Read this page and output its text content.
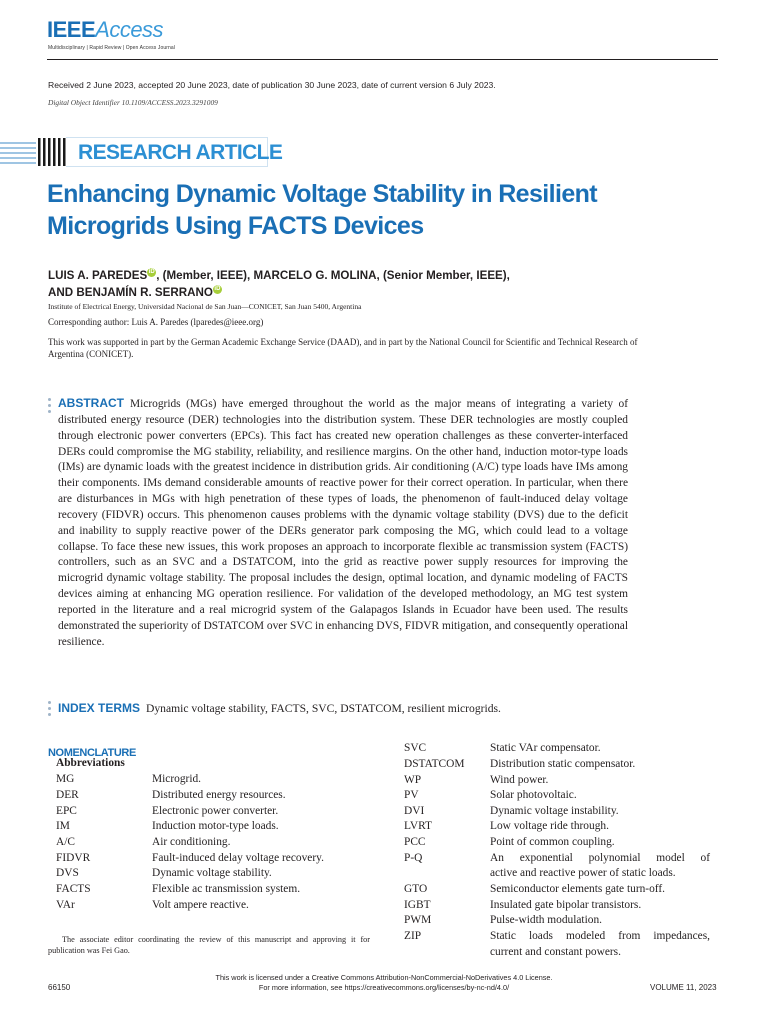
IEEEAccess
Multidisciplinary | Rapid Review | Open Access Journal
Received 2 June 2023, accepted 20 June 2023, date of publication 30 June 2023, date of current version 6 July 2023.
Digital Object Identifier 10.1109/ACCESS.2023.3291009
RESEARCH ARTICLE
Enhancing Dynamic Voltage Stability in Resilient Microgrids Using FACTS Devices
LUIS A. PAREDES iD , (Member, IEEE), MARCELO G. MOLINA, (Senior Member, IEEE),
AND BENJAMÍN R. SERRANO iD
Institute of Electrical Energy, Universidad Nacional de San Juan—CONICET, San Juan 5400, Argentina
Corresponding author: Luis A. Paredes (lparedes@ieee.org)
This work was supported in part by the German Academic Exchange Service (DAAD), and in part by the National Council for Scientific and Technical Research of Argentina (CONICET).
ABSTRACT Microgrids (MGs) have emerged throughout the world as the major means of integrating a variety of distributed energy resource (DER) technologies into the distribution system. These DER technologies are mostly coupled through electronic power converters (EPCs). This fact has created new operation challenges as these converter-interfaced DERs could compromise the MG stability, reliability, and resilience margins. On the other hand, induction motor-type loads (IMs) are dynamic loads with the greatest incidence in distribution grids. Air conditioning (A/C) type loads have IMs among their components. IMs demand considerable amounts of reactive power for their correct operation. In particular, when there are disturbances in MGs with high penetration of these types of loads, the phenomenon of fault-induced delay voltage recovery (FIDVR) occurs. This phenomenon causes problems with the dynamic voltage stability (DVS) due to the deficit and inability to supply reactive power of the DERs generator park composing the MG, which could lead to a voltage collapse. To face these new issues, this work proposes an approach to incorporate flexible ac transmission system (FACTS) controllers, such as an SVC and a DSTATCOM, into the grid as reactive power supply resources for improving the microgrid dynamic voltage stability. The proposal includes the design, optimal location, and dynamic modeling of FACTS devices aiming at enhancing MG operation resilience. For validation of the developed methodology, an MG test system reported in the literature and a real microgrid system of the Galapagos Islands in Ecuador have been used. The results demonstrated the superiority of DSTATCOM over SVC in enhancing DVS, FIDVR mitigation, and consequently operational resilience.
INDEX TERMS Dynamic voltage stability, FACTS, SVC, DSTATCOM, resilient microgrids.
NOMENCLATURE
Abbreviations
MG	Microgrid.
DER	Distributed energy resources.
EPC	Electronic power converter.
IM	Induction motor-type loads.
A/C	Air conditioning.
FIDVR	Fault-induced delay voltage recovery.
DVS	Dynamic voltage stability.
FACTS	Flexible ac transmission system.
VAr	Volt ampere reactive.
SVC	Static VAr compensator.
DSTATCOM Distribution static compensator.
WP	Wind power.
PV	Solar photovoltaic.
DVI	Dynamic voltage instability.
LVRT	Low voltage ride through.
PCC	Point of common coupling.
P-Q	An exponential polynomial model of
active and reactive power of static loads.
GTO	Semiconductor elements gate turn-off.
IGBT	Insulated gate bipolar transistors.
PWM	Pulse-width modulation.
ZIP	Static loads modeled from impedances,
current and constant powers.
The associate editor coordinating the review of this manuscript and approving it for publication was Fei Gao.
This work is licensed under a Creative Commons Attribution-NonCommercial-NoDerivatives 4.0 License.
For more information, see https://creativecommons.org/licenses/by-nc-nd/4.0/
66150	VOLUME 11, 2023
